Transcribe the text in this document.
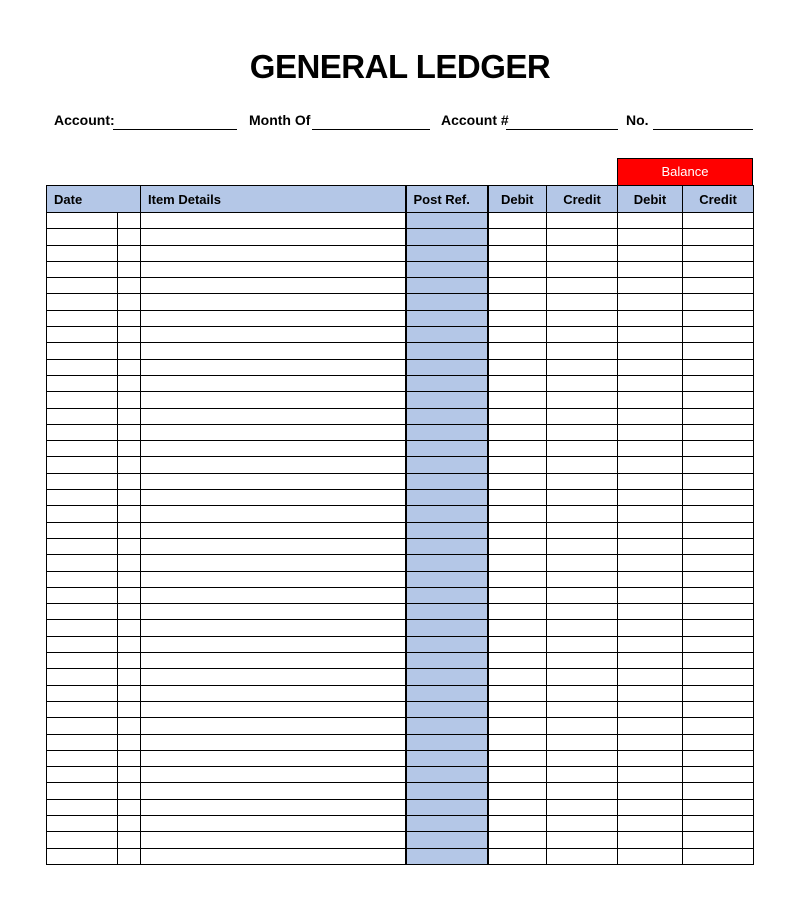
GENERAL LEDGER
Account:	Month Of	Account #	No.
Balance
Date		Item Details	Post Ref.	Debit	Credit	Debit	Credit
